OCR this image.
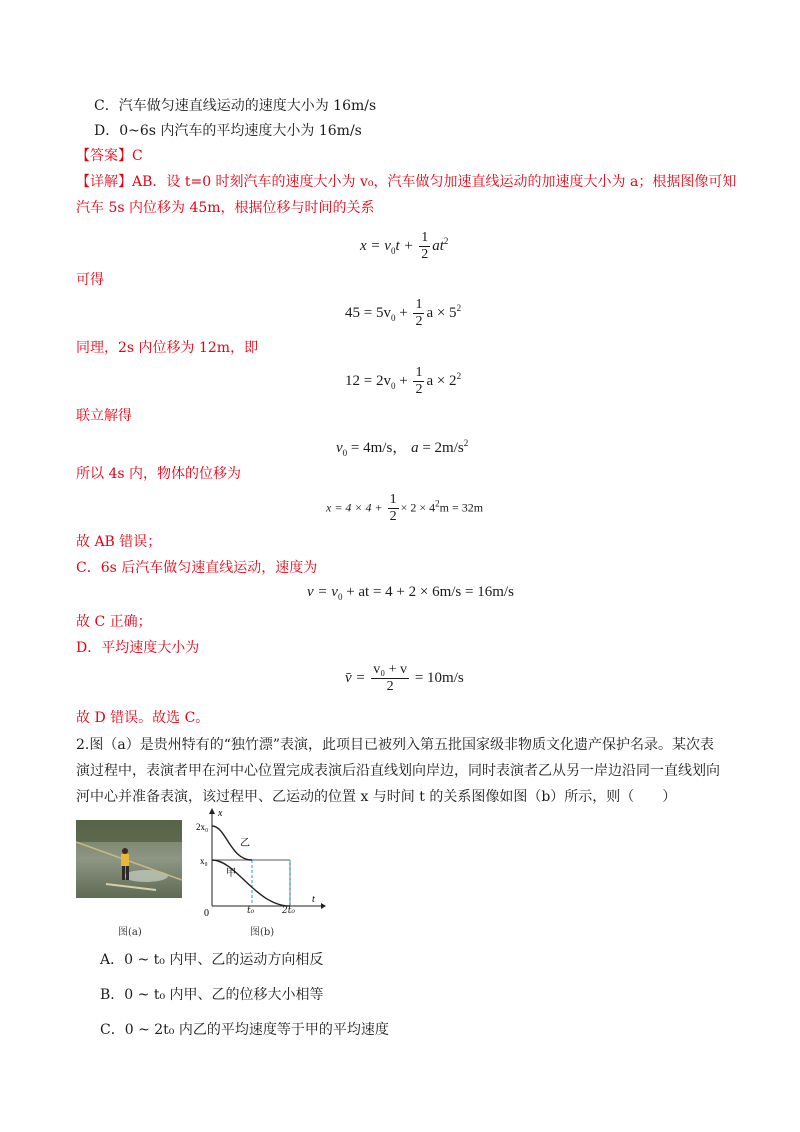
C．汽车做匀速直线运动的速度大小为 16m/s
D．0~6s 内汽车的平均速度大小为 16m/s
【答案】C
【详解】AB．设 t=0 时刻汽车的速度大小为 v₀，汽车做匀加速直线运动的加速度大小为 a；根据图像可知
汽车 5s 内位移为 45m，根据位移与时间的关系
$x = v_0t + \frac{1}{2} at^2$
可得
$45 = 5v_0 + \frac{1}{2}$ $a \times 5^2$
同理，2s 内位移为 12m，即
$12 = 2v_0 + \frac{1}{2}$ $a \times 2^2$
联立解得
$v_0 = 4m/s$， $a = 2m/s^2$
所以 4s 内，物体的位移为
$x = 4 \times 4 + \frac{1}{2} \times 2 \times 4^2m = 32m$
故 AB 错误；
C．6s 后汽车做匀速直线运动，速度为
$v = v_0$ + at = 4 + 2 × 6m/s = 16m/s
故 C 正确；
D．平均速度大小为
v̄ = $\frac{\text{v₀ + v}}{2} = 10m/s$
故 D 错误。故选 C。
2.图（a）是贵州特有的“独竹漂”表演，此项目已被列入第五批国家级非物质文化遗产保护名录。某次表
演过程中，表演者甲在河中心位置完成表演后沿直线划向岸边，同时表演者乙从另一岸边沿同一直线划向
河中心并准备表演，该过程甲、乙运动的位置 x 与时间 t 的关系图像如图（b）所示，则（　　）
图(a)
x
t
0
2x₀
x₀
乙
甲
t₀	2t₀
图(b)
A．0 ~ t₀ 内甲、乙的运动方向相反
B．0 ~ t₀ 内甲、乙的位移大小相等
C．0 ~ 2t₀ 内乙的平均速度等于甲的平均速度
